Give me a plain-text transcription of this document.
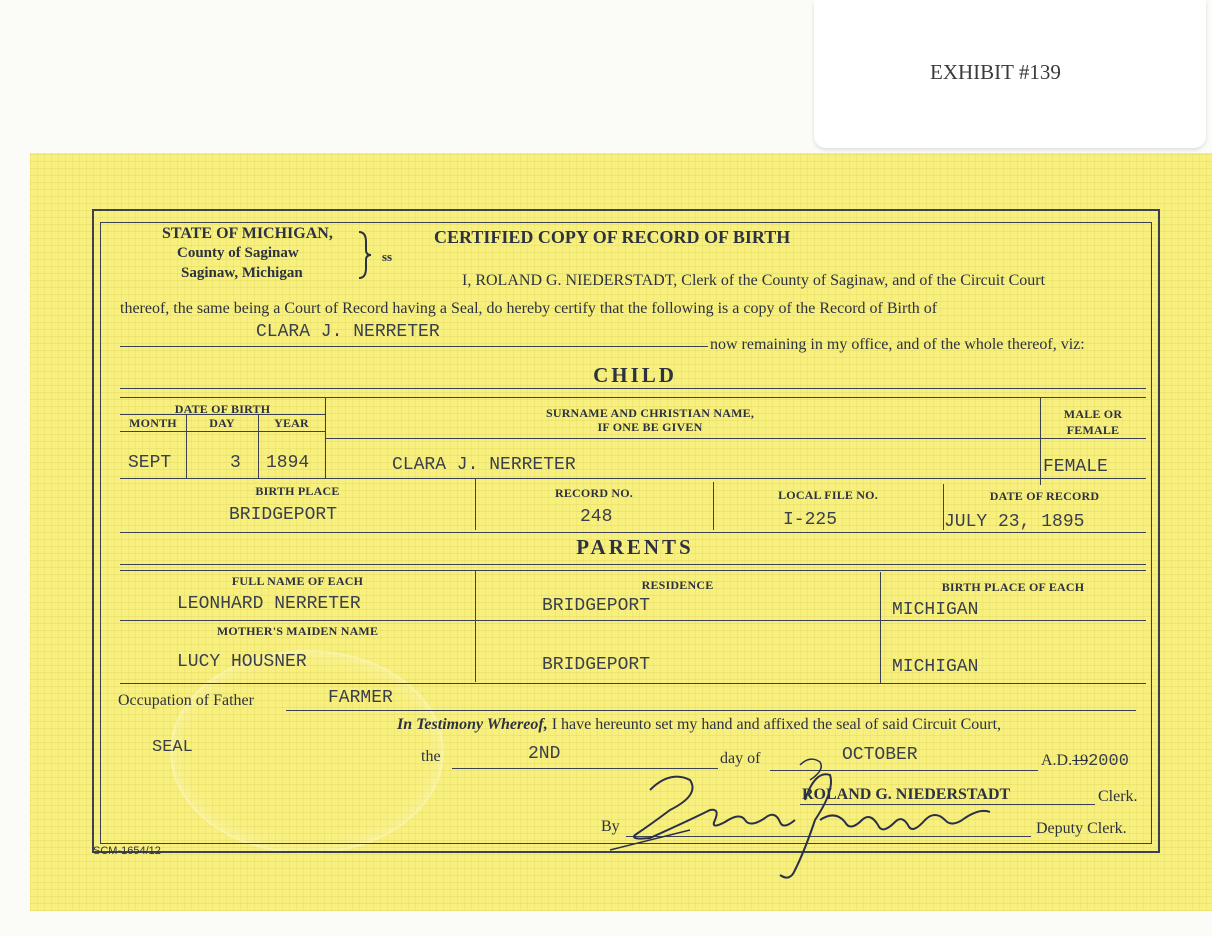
EXHIBIT #139
STATE OF MICHIGAN,
County of Saginaw
Saginaw, Michigan
ss
CERTIFIED COPY OF RECORD OF BIRTH
I, ROLAND G. NIEDERSTADT, Clerk of the County of Saginaw, and of the Circuit Court
thereof, the same being a Court of Record having a Seal, do hereby certify that the following is a copy of the Record of Birth of
CLARA J. NERRETER
now remaining in my office, and of the whole thereof, viz:
CHILD
DATE OF BIRTH
MONTH	DAY	YEAR
SURNAME AND CHRISTIAN NAME,
IF ONE BE GIVEN
MALE OR
FEMALE
SEPT	3 1894	CLARA J. NERRETER	FEMALE
BIRTH PLACE	RECORD NO.	LOCAL FILE NO.	DATE OF RECORD
BRIDGEPORT	248	I-225	JULY 23, 1895
PARENTS
FULL NAME OF EACH	RESIDENCE	BIRTH PLACE OF EACH
LEONHARD NERRETER	BRIDGEPORT	MICHIGAN
MOTHER'S MAIDEN NAME
LUCY HOUSNER	BRIDGEPORT	MICHIGAN
Occupation of Father	FARMER
In Testimony Whereof, I have hereunto set my hand and affixed the seal of said Circuit Court,
SEAL	the	2ND	day of	OCTOBER	A.D.192000
ROLAND G. NIEDERSTADT	Clerk.
By	Deputy Clerk.
SCM-1654/12
